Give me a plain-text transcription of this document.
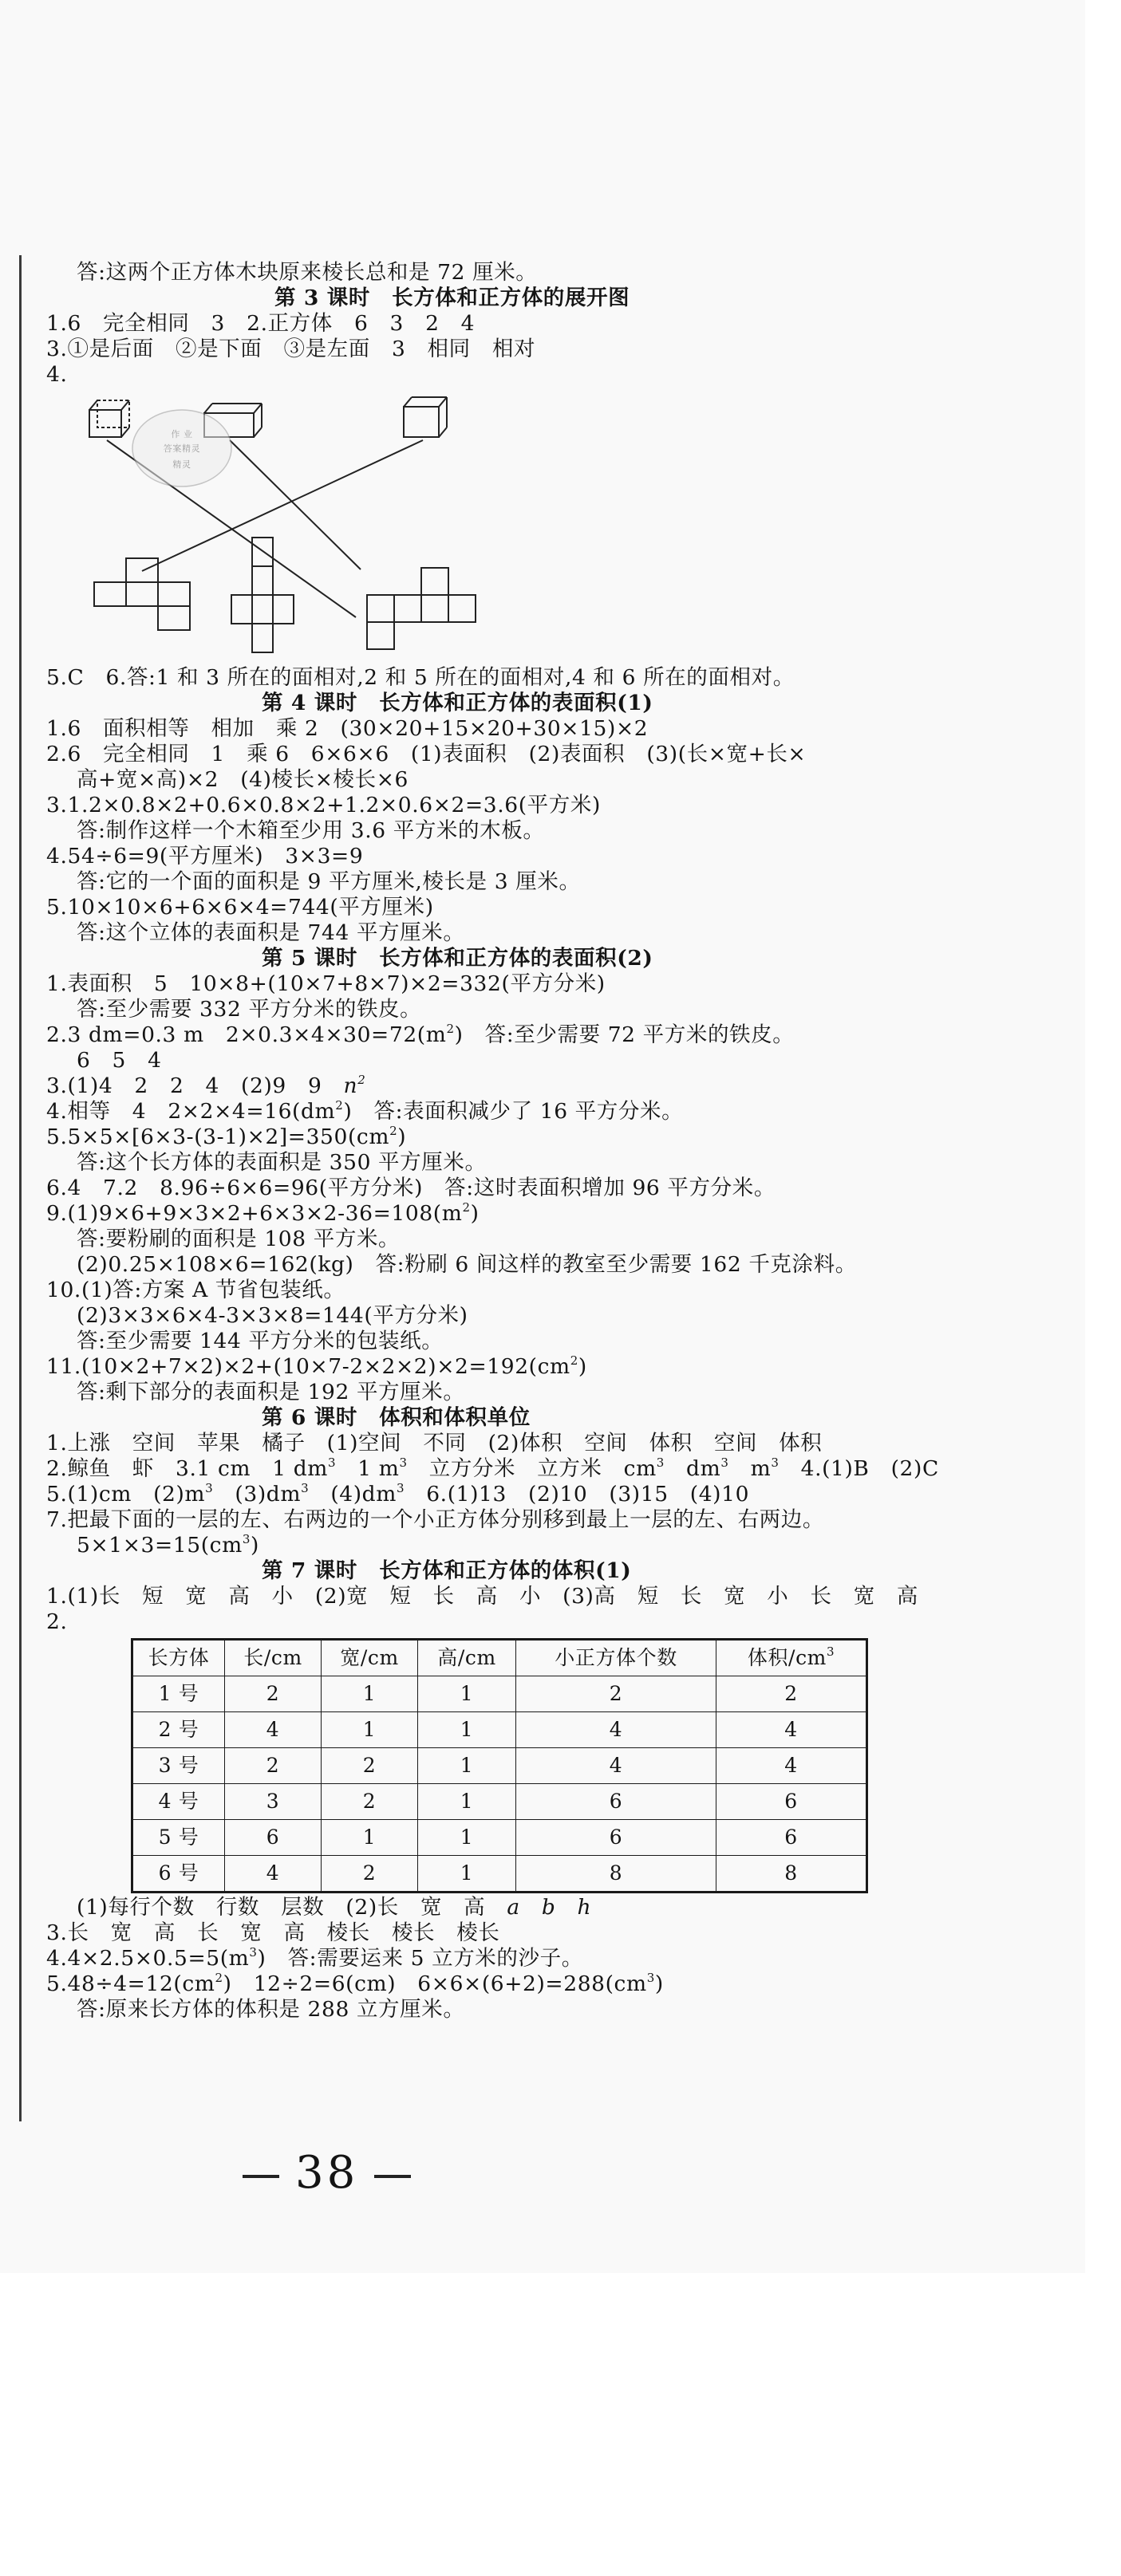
答:这两个正方体木块原来棱长总和是 72 厘米。
第 3 课时　长方体和正方体的展开图
1.6　完全相同　3　2.正方体　6　3　2　4
3.①是后面　②是下面　③是左面　3　相同　相对
4.
作 业
答案精灵
精灵
5.C　6.答:1 和 3 所在的面相对,2 和 5 所在的面相对,4 和 6 所在的面相对。
第 4 课时　长方体和正方体的表面积(1)
1.6　面积相等　相加　乘 2　(30×20+15×20+30×15)×2
2.6　完全相同　1　乘 6　6×6×6　(1)表面积　(2)表面积　(3)(长×宽+长×
高+宽×高)×2　(4)棱长×棱长×6
3.1.2×0.8×2+0.6×0.8×2+1.2×0.6×2=3.6(平方米)
答:制作这样一个木箱至少用 3.6 平方米的木板。
4.54÷6=9(平方厘米)　3×3=9
答:它的一个面的面积是 9 平方厘米,棱长是 3 厘米。
5.10×10×6+6×6×4=744(平方厘米)
答:这个立体的表面积是 744 平方厘米。
第 5 课时　长方体和正方体的表面积(2)
1.表面积　5　10×8+(10×7+8×7)×2=332(平方分米)
答:至少需要 332 平方分米的铁皮。
2.3 dm=0.3 m　$2\times 0.3\times 4\times 30=72(m^2)$　答:至少需要 72 平方米的铁皮。
6　5　4
3.(1)4　2　2　4　(2)9　9　$n^2$
4.相等　4　$2\times 2\times 4=16(dm^2)$　答:表面积减少了 16 平方分米。
$5.5\times 5\times[6\times 3-(3-1)\times 2]=350(cm^2)$
答:这个长方体的表面积是 350 平方厘米。
6.4　7.2　8.96÷6×6=96(平方分米)　答:这时表面积增加 96 平方分米。
$9.(1)9\times 6+9\times 3\times 2+6\times 3\times 2-36=108(m^2)$
答:要粉刷的面积是 108 平方米。
(2)0.25×108×6=162(kg)　答:粉刷 6 间这样的教室至少需要 162 千克涂料。
10.(1)答:方案 A 节省包装纸。
(2)3×3×6×4-3×3×8=144(平方分米)
答:至少需要 144 平方分米的包装纸。
$11.(10\times 2+7\times 2)\times 2+(10\times 7-2\times 2\times 2)\times 2=192(cm^2)$
答:剩下部分的表面积是 192 平方厘米。
第 6 课时　体积和体积单位
1.上涨　空间　苹果　橘子　(1)空间　不同　(2)体积　空间　体积　空间　体积
2.鲸鱼　虾　3.1 cm　1 $dm^3$　1 $m^3$　立方分米　立方米　$cm^3$　$dm^3$　$m^3$　4.(1)B　(2)C
5.(1)cm　$(2)m^3$　$(3)dm^3$　$(4)dm^3$　6.(1)13　(2)10　(3)15　(4)10
7.把最下面的一层的左、右两边的一个小正方体分别移到最上一层的左、右两边。
$5\times 1\times 3=15(cm^3)$
第 7 课时　长方体和正方体的体积(1)
1.(1)长　短　宽　高　小　(2)宽　短　长　高　小　(3)高　短　长　宽　小　长　宽　高
2.
长方体	长/cm	宽/cm	高/cm	小正方体个数	体积$/cm^3$
1 号	2	1	1	2	2
2 号	4	1	1	4	4
3 号	2	2	1	4	4
4 号	3	2	1	6	6
5 号	6	1	1	6	6
6 号	4	2	1	8	8
(1)每行个数　行数　层数　(2)长　宽　高　a　b　h
3.长　宽　高　长　宽　高　棱长　棱长　棱长
$4.4\times 2.5\times 0.5=5(m^3)$　答:需要运来 5 立方米的沙子。
$5.48\div 4=12(cm^2)$　12÷2=6(cm)　$6\times 6\times(6+2)=288(cm^3)$
答:原来长方体的体积是 288 立方厘米。
38
